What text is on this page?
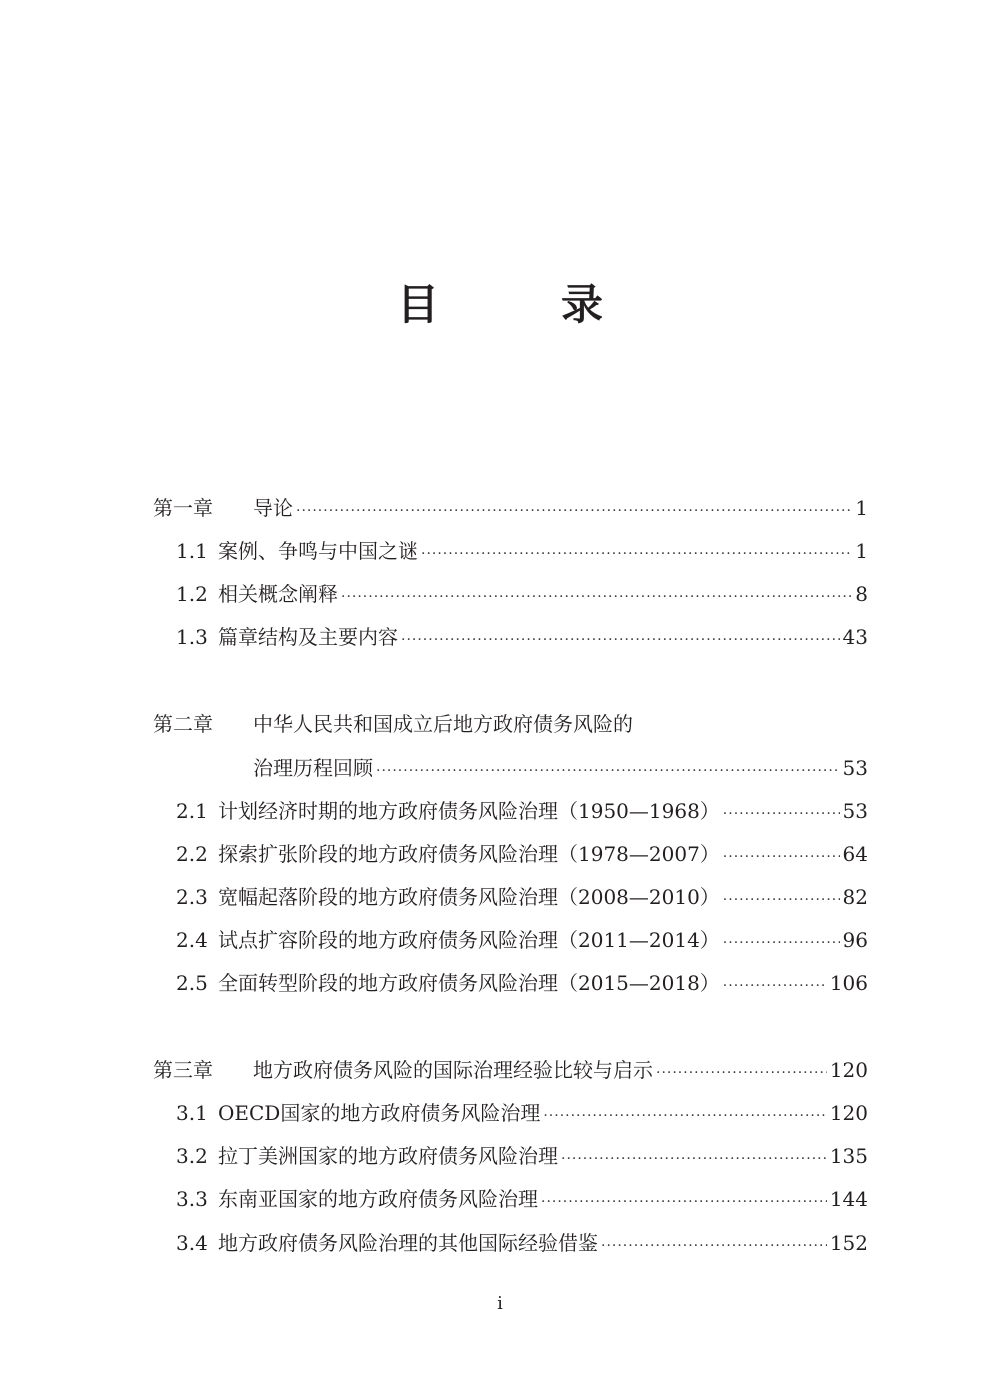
目　录
第一章 导论 ·····	1
1.1 案例、争鸣与中国之谜 ·····	1
1.2 相关概念阐释 ·····	8
1.3 篇章结构及主要内容 ·····	43
第二章 中华人民共和国成立后地方政府债务风险的
治理历程回顾 ·····	53
2.1 计划经济时期的地方政府债务风险治理（1950—1968） ·····	53
2.2 探索扩张阶段的地方政府债务风险治理（1978—2007） ·····	64
2.3 宽幅起落阶段的地方政府债务风险治理（2008—2010） ·····	82
2.4 试点扩容阶段的地方政府债务风险治理（2011—2014） ·····	96
2.5 全面转型阶段的地方政府债务风险治理（2015—2018） ·····	106
第三章 地方政府债务风险的国际治理经验比较与启示 ·····	120
3.1 OECD国家的地方政府债务风险治理 ·····	120
3.2 拉丁美洲国家的地方政府债务风险治理 ·····	135
3.3 东南亚国家的地方政府债务风险治理 ·····	144
3.4 地方政府债务风险治理的其他国际经验借鉴 ·····	152
i
